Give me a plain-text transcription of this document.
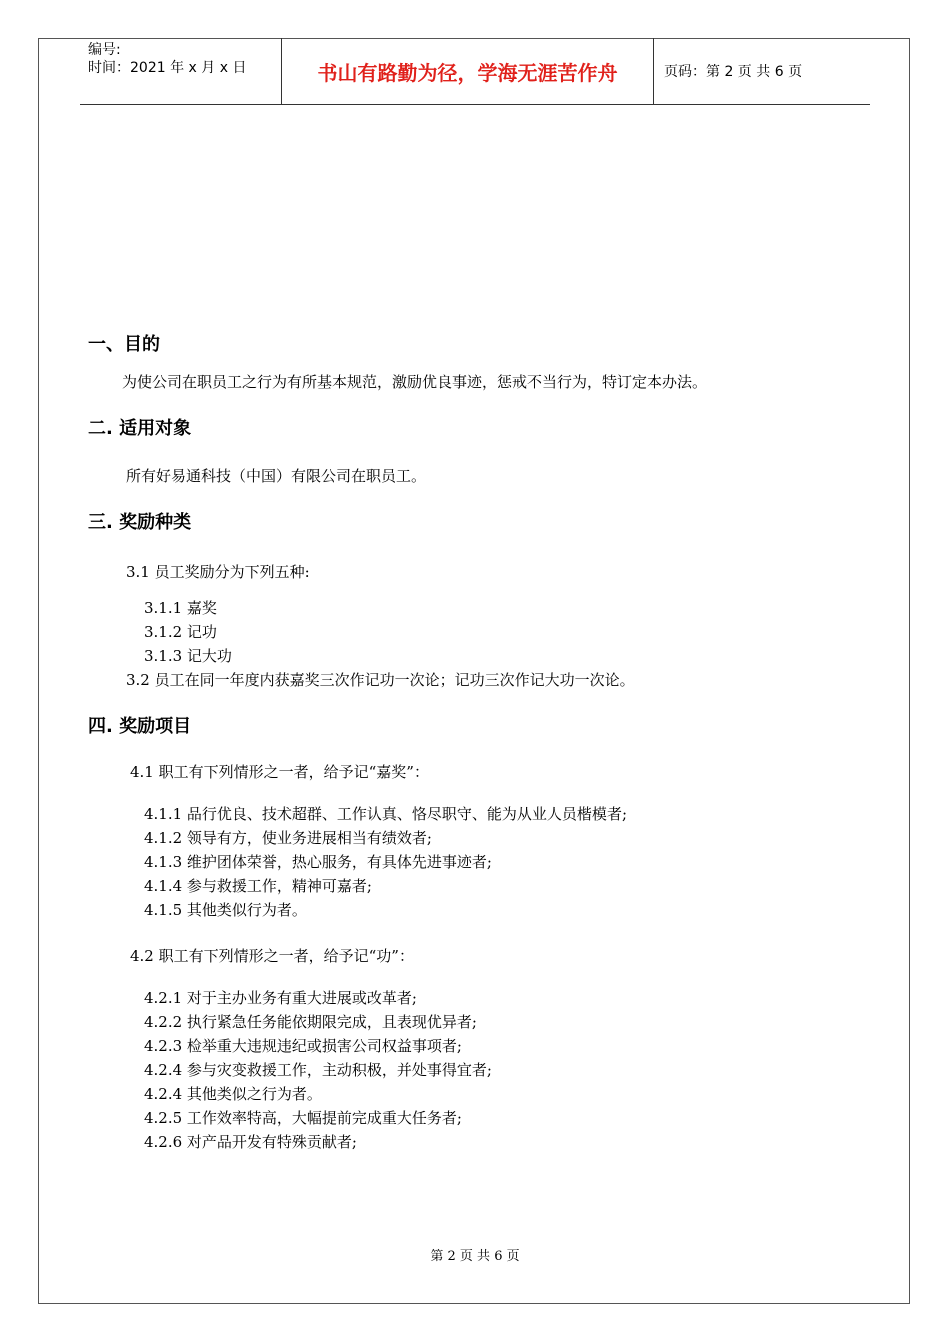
编号:
时间：2021 年 x 月 x 日	书山有路勤为径，学海无涯苦作舟	页码：第 2 页 共 6 页
一、目的

为使公司在职员工之行为有所基本规范，激励优良事迹，惩戒不当行为，特订定本办法。

二. 适用对象

所有好易通科技（中国）有限公司在职员工。

三. 奖励种类

3.1 员工奖励分为下列五种:

3.1.1 嘉奖
3.1.2 记功
3.1.3 记大功

3.2 员工在同一年度内获嘉奖三次作记功一次论；记功三次作记大功一次论。

四. 奖励项目

4.1 职工有下列情形之一者，给予记“嘉奖”：

4.1.1 品行优良、技术超群、工作认真、恪尽职守、能为从业人员楷模者;
4.1.2 领导有方，使业务进展相当有绩效者;
4.1.3 维护团体荣誉，热心服务，有具体先进事迹者;
4.1.4 参与救援工作，精神可嘉者;
4.1.5 其他类似行为者。

4.2 职工有下列情形之一者，给予记“功”：

4.2.1 对于主办业务有重大进展或改革者;
4.2.2 执行紧急任务能依期限完成，且表现优异者;
4.2.3 检举重大违规违纪或损害公司权益事项者;
4.2.4 参与灾变救援工作，主动积极，并处事得宜者;
4.2.4 其他类似之行为者。
4.2.5 工作效率特高，大幅提前完成重大任务者;
4.2.6 对产品开发有特殊贡献者;
第 2 页 共 6 页
